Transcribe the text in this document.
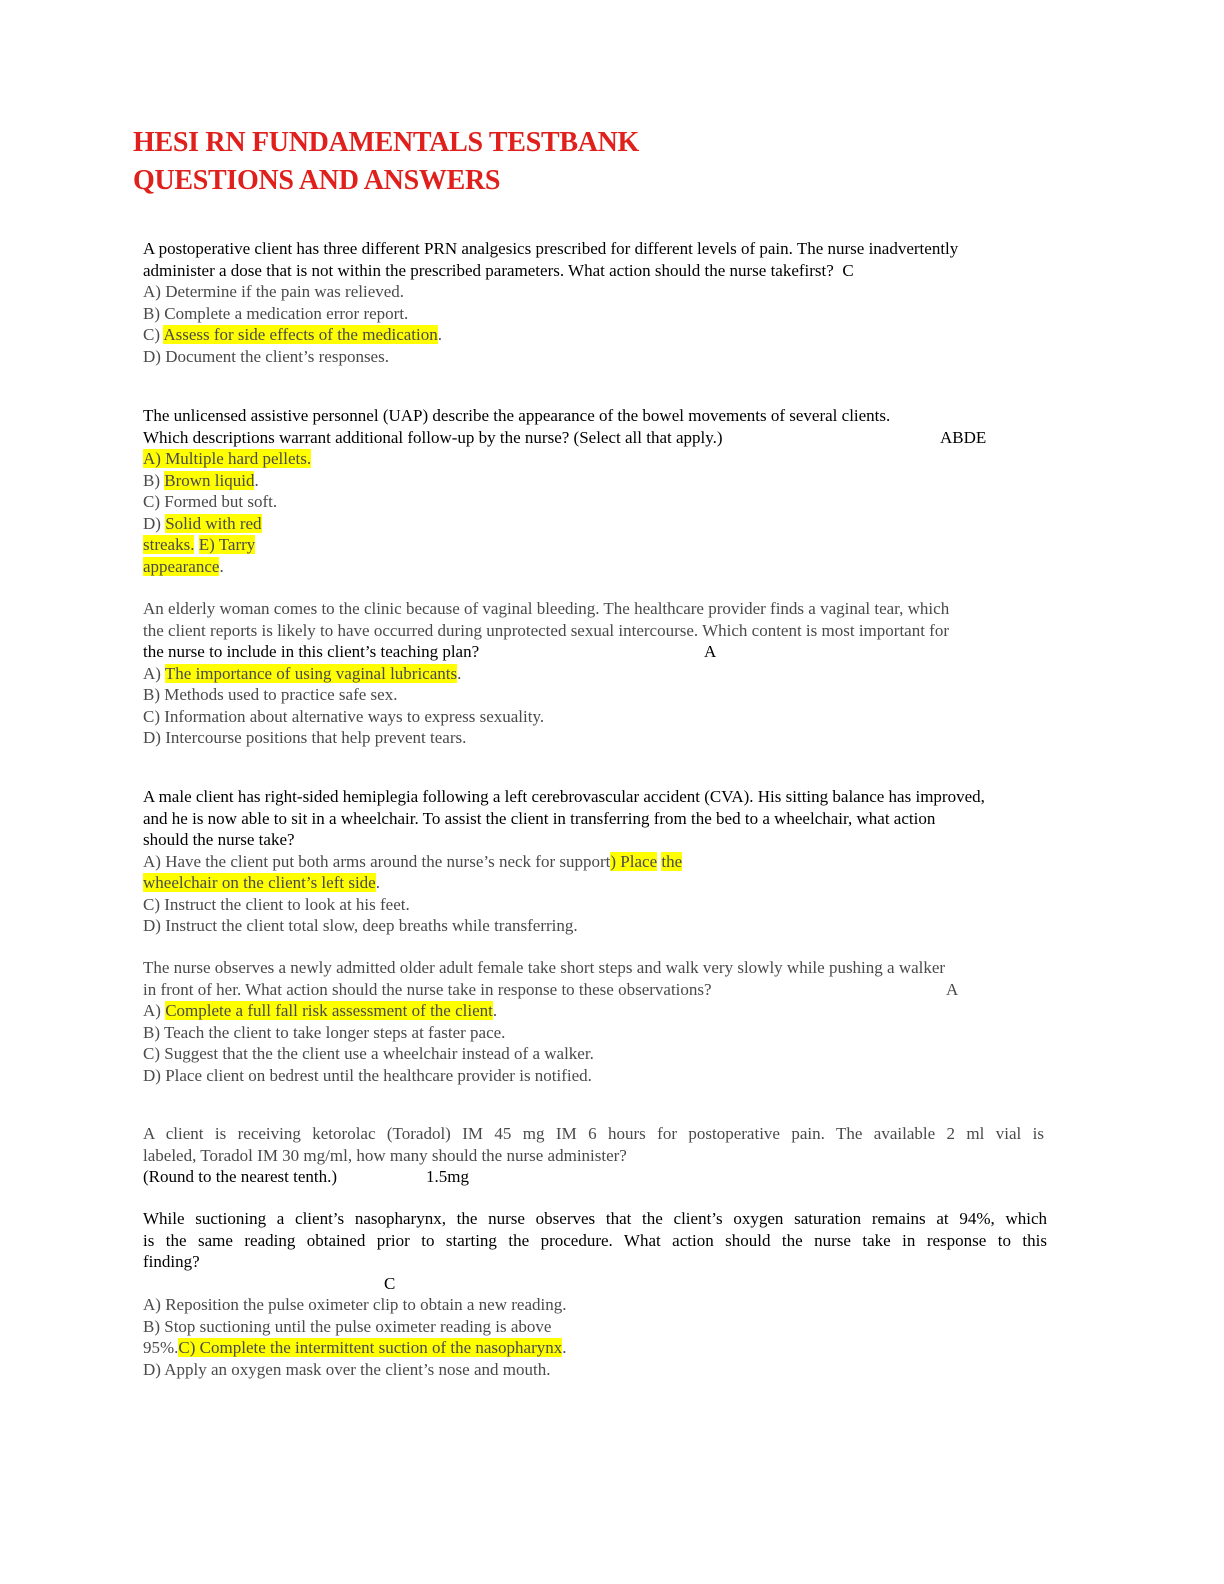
HESI RN FUNDAMENTALS TESTBANK
QUESTIONS AND ANSWERS
A postoperative client has three different PRN analgesics prescribed for different levels of pain. The nurse inadvertently
administer a dose that is not within the prescribed parameters. What action should the nurse takefirst? C
A) Determine if the pain was relieved.
B) Complete a medication error report.
C) Assess for side effects of the medication.
D) Document the client’s responses.
The unlicensed assistive personnel (UAP) describe the appearance of the bowel movements of several clients.
Which descriptions warrant additional follow-up by the nurse? (Select all that apply.)	ABDE
A) Multiple hard pellets.
B) Brown liquid.
C) Formed but soft.
D) Solid with red
streaks. E) Tarry
appearance.
An elderly woman comes to the clinic because of vaginal bleeding. The healthcare provider finds a vaginal tear, which
the client reports is likely to have occurred during unprotected sexual intercourse. Which content is most important for
the nurse to include in this client’s teaching plan?	A
A) The importance of using vaginal lubricants.
B) Methods used to practice safe sex.
C) Information about alternative ways to express sexuality.
D) Intercourse positions that help prevent tears.
A male client has right-sided hemiplegia following a left cerebrovascular accident (CVA). His sitting balance has improved,
and he is now able to sit in a wheelchair. To assist the client in transferring from the bed to a wheelchair, what action
should the nurse take?
A) Have the client put both arms around the nurse’s neck for support) Place the
wheelchair on the client’s left side.
C) Instruct the client to look at his feet.
D) Instruct the client total slow, deep breaths while transferring.
The nurse observes a newly admitted older adult female take short steps and walk very slowly while pushing a walker
in front of her. What action should the nurse take in response to these observations?	A
A) Complete a full fall risk assessment of the client.
B) Teach the client to take longer steps at faster pace.
C) Suggest that the the client use a wheelchair instead of a walker.
D) Place client on bedrest until the healthcare provider is notified.
A client is receiving ketorolac (Toradol) IM 45 mg IM 6 hours for postoperative pain. The available 2 ml vial is
labeled, Toradol IM 30 mg/ml, how many should the nurse administer?
(Round to the nearest tenth.)	1.5mg
While suctioning a client’s nasopharynx, the nurse observes that the client’s oxygen saturation remains at 94%, which
is the same reading obtained prior to starting the procedure. What action should the nurse take in response to this
finding?
C

A) Reposition the pulse oximeter clip to obtain a new reading.
B) Stop suctioning until the pulse oximeter reading is above
95%.C) Complete the intermittent suction of the nasopharynx.
D) Apply an oxygen mask over the client’s nose and mouth.
